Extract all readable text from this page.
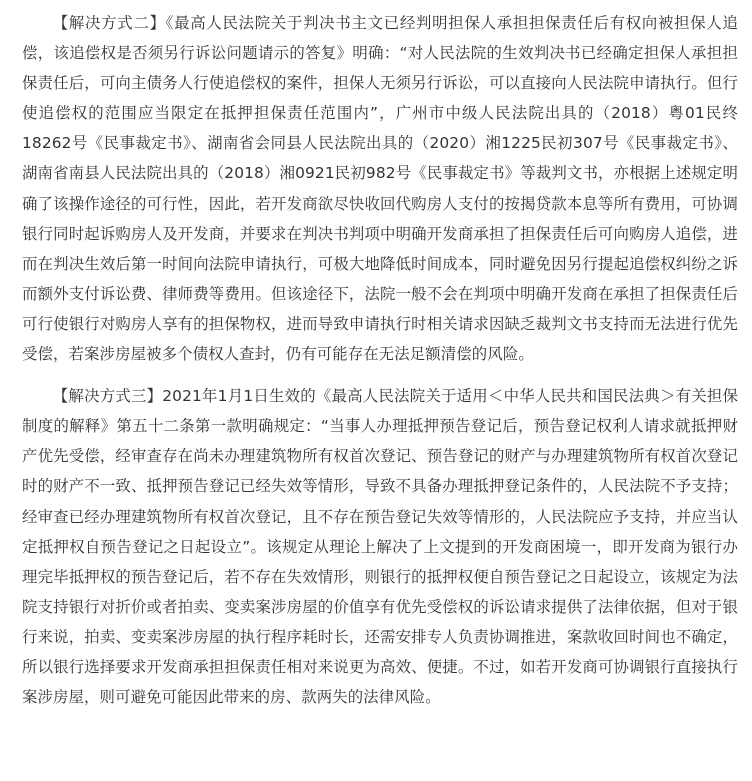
【解决方式二】《最高人民法院关于判决书主文已经判明担保人承担担保责任后有权向被担保人追偿，该追偿权是否须另行诉讼问题请示的答复》明确：“对人民法院的生效判决书已经确定担保人承担担保责任后，可向主债务人行使追偿权的案件，担保人无须另行诉讼，可以直接向人民法院申请执行。但行使追偿权的范围应当限定在抵押担保责任范围内”，广州市中级人民法院出具的（2018）粤01民终18262号《民事裁定书》、湖南省会同县人民法院出具的（2020）湘1225民初307号《民事裁定书》、湖南省南县人民法院出具的（2018）湘0921民初982号《民事裁定书》等裁判文书，亦根据上述规定明确了该操作途径的可行性，因此，若开发商欲尽快收回代购房人支付的按揭贷款本息等所有费用，可协调银行同时起诉购房人及开发商，并要求在判决书判项中明确开发商承担了担保责任后可向购房人追偿，进而在判决生效后第一时间向法院申请执行，可极大地降低时间成本，同时避免因另行提起追偿权纠纷之诉而额外支付诉讼费、律师费等费用。但该途径下，法院一般不会在判项中明确开发商在承担了担保责任后可行使银行对购房人享有的担保物权，进而导致申请执行时相关请求因缺乏裁判文书支持而无法进行优先受偿，若案涉房屋被多个债权人查封，仍有可能存在无法足额清偿的风险。

【解决方式三】2021年1月1日生效的《最高人民法院关于适用＜中华人民共和国民法典＞有关担保制度的解释》第五十二条第一款明确规定：“当事人办理抵押预告登记后，预告登记权利人请求就抵押财产优先受偿，经审查存在尚未办理建筑物所有权首次登记、预告登记的财产与办理建筑物所有权首次登记时的财产不一致、抵押预告登记已经失效等情形，导致不具备办理抵押登记条件的，人民法院不予支持；经审查已经办理建筑物所有权首次登记，且不存在预告登记失效等情形的，人民法院应予支持，并应当认定抵押权自预告登记之日起设立”。该规定从理论上解决了上文提到的开发商困境一，即开发商为银行办理完毕抵押权的预告登记后，若不存在失效情形，则银行的抵押权便自预告登记之日起设立，该规定为法院支持银行对折价或者拍卖、变卖案涉房屋的价值享有优先受偿权的诉讼请求提供了法律依据，但对于银行来说，拍卖、变卖案涉房屋的执行程序耗时长，还需安排专人负责协调推进，案款收回时间也不确定，所以银行选择要求开发商承担担保责任相对来说更为高效、便捷。不过，如若开发商可协调银行直接执行案涉房屋，则可避免可能因此带来的房、款两失的法律风险。
